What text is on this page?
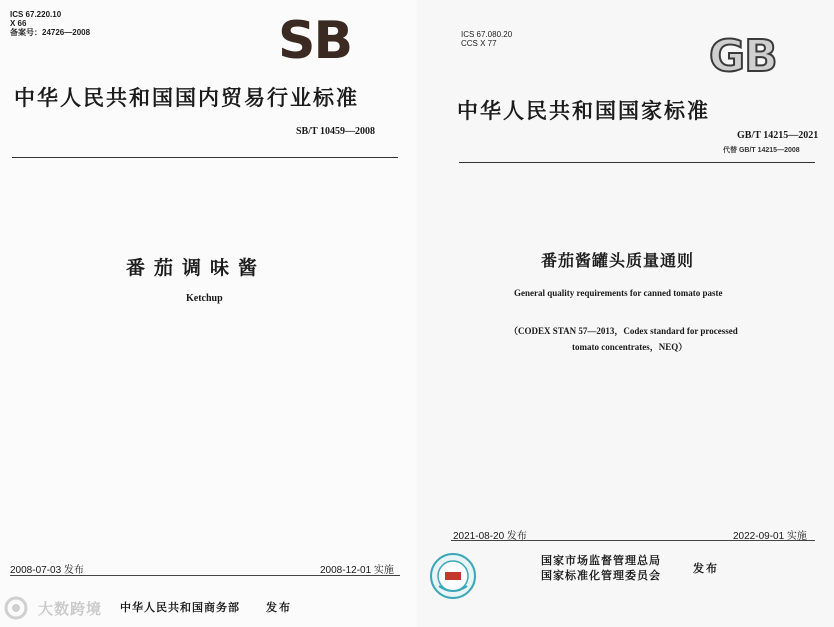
ICS 67.220.10
X 66
备案号：24726—2008	SB
中华人民共和国国内贸易行业标准
SB/T 10459—2008
番茄调味酱
Ketchup
2008-07-03 发布	2008-12-01 实施
中华人民共和国商务部 发布
大数跨境
ICS 67.080.20
CCS X 77	GB
中华人民共和国国家标准
GB/T 14215—2021
代替 GB/T 14215—2008
番茄酱罐头质量通则
General quality requirements for canned tomato paste
（CODEX STAN 57—2013，Codex standard for processed
tomato concentrates，NEQ）
2021-08-20 发布	2022-09-01 实施
国家市场监督管理总局
国家标准化管理委员会
发布
